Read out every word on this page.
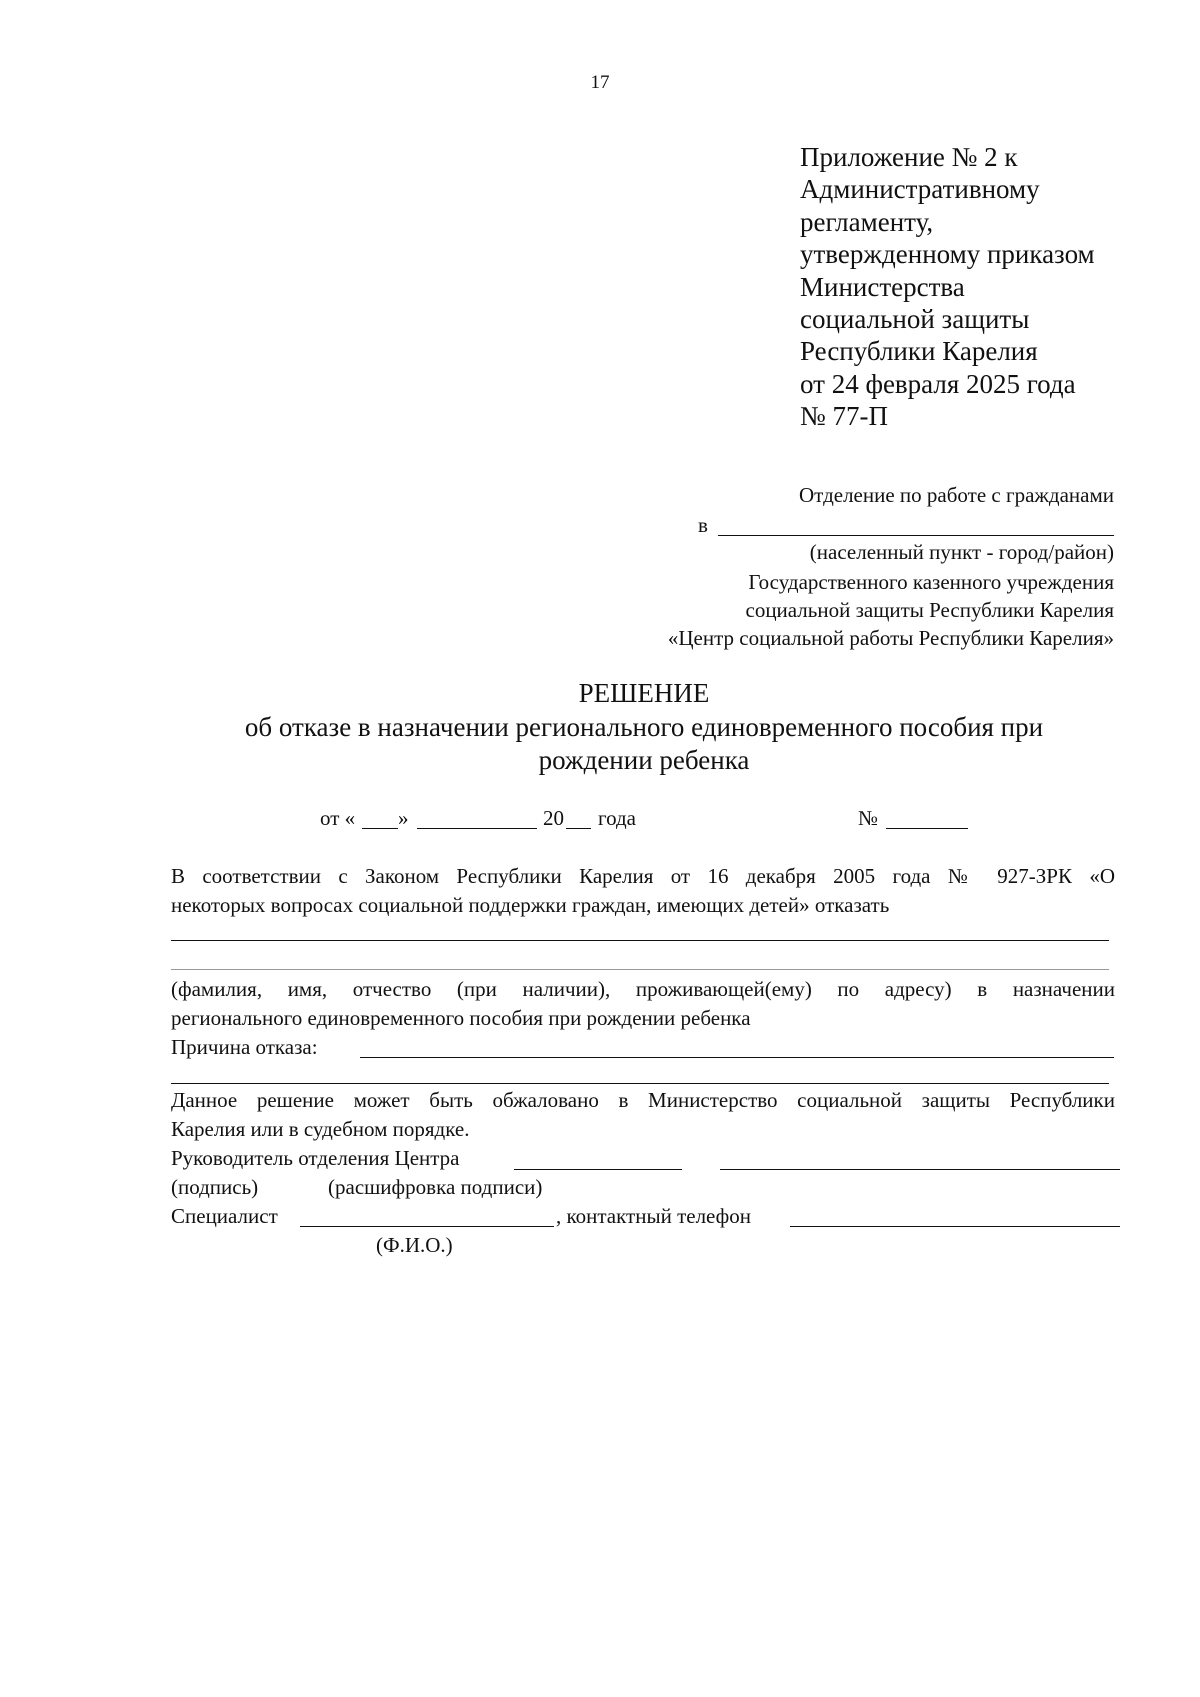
17
Приложение № 2 к
Административному
регламенту,
утвержденному приказом
Министерства
социальной защиты
Республики Карелия
от 24 февраля 2025 года
№ 77-П
Отделение по работе с гражданами
в
(населенный пункт - город/район)
Государственного казенного учреждения
социальной защиты Республики Карелия
«Центр социальной работы Республики Карелия»
РЕШЕНИЕ
об отказе в назначении регионального единовременного пособия при
рождении ребенка
от « »	20 года	№
В соответствии с Законом Республики Карелия от 16 декабря 2005 года № 927-ЗРК «О
некоторых вопросах социальной поддержки граждан, имеющих детей» отказать
(фамилия, имя, отчество (при наличии), проживающей(ему) по адресу) в назначении
регионального единовременного пособия при рождении ребенка
Причина отказа:
Данное решение может быть обжаловано в Министерство социальной защиты Республики
Карелия или в судебном порядке.
Руководитель отделения Центра
(подпись)	(расшифровка подписи)
Специалист	, контактный телефон
(Ф.И.О.)
